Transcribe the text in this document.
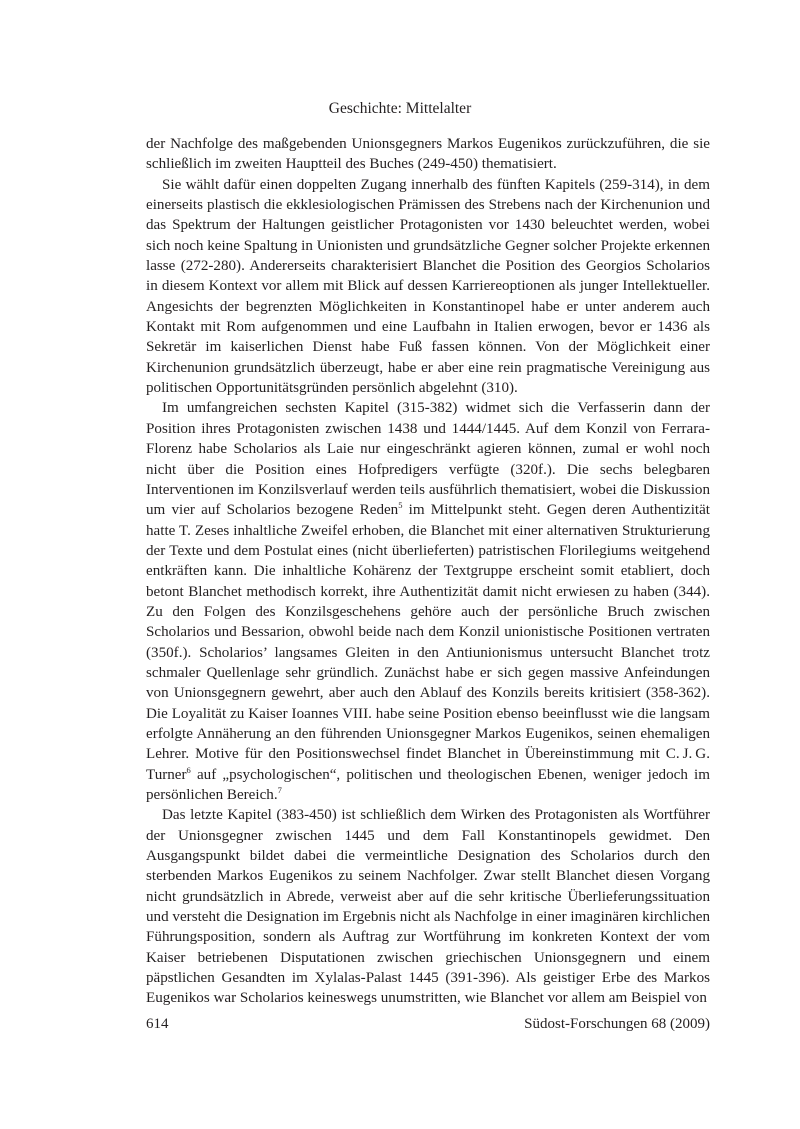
Geschichte: Mittelalter

der Nachfolge des maßgebenden Unionsgegners Markos Eugenikos zurückzuführen, die sie schließlich im zweiten Hauptteil des Buches (249-450) thematisiert.

Sie wählt dafür einen doppelten Zugang innerhalb des fünften Kapitels (259-314), in dem einerseits plastisch die ekklesiologischen Prämissen des Strebens nach der Kirchenunion und das Spektrum der Haltungen geistlicher Protagonisten vor 1430 beleuchtet werden, wobei sich noch keine Spaltung in Unionisten und grundsätzliche Gegner solcher Projekte erkennen lasse (272-280). Andererseits charakterisiert Blanchet die Position des Georgios Scholarios in diesem Kontext vor allem mit Blick auf dessen Karriereoptionen als junger Intellektueller. Angesichts der begrenzten Möglichkeiten in Konstantinopel habe er unter anderem auch Kontakt mit Rom aufgenommen und eine Laufbahn in Italien erwogen, bevor er 1436 als Sekretär im kaiserlichen Dienst habe Fuß fassen können. Von der Möglichkeit einer Kirchenunion grundsätzlich überzeugt, habe er aber eine rein pragmatische Vereinigung aus politischen Opportunitätsgründen persönlich abgelehnt (310).

Im umfangreichen sechsten Kapitel (315-382) widmet sich die Verfasserin dann der Position ihres Protagonisten zwischen 1438 und 1444/1445. Auf dem Konzil von Ferrara-Florenz habe Scholarios als Laie nur eingeschränkt agieren können, zumal er wohl noch nicht über die Position eines Hofpredigers verfügte (320f.). Die sechs belegbaren Interventionen im Konzilsverlauf werden teils ausführlich thematisiert, wobei die Diskussion um vier auf Scholarios bezogene Reden$^5$ im Mittelpunkt steht. Gegen deren Authentizität hatte T. Zeses inhaltliche Zweifel erhoben, die Blanchet mit einer alternativen Strukturierung der Texte und dem Postulat eines (nicht überlieferten) patristischen Florilegiums weitgehend entkräften kann. Die inhaltliche Kohärenz der Textgruppe erscheint somit etabliert, doch betont Blanchet methodisch korrekt, ihre Authentizität damit nicht erwiesen zu haben (344). Zu den Folgen des Konzilsgeschehens gehöre auch der persönliche Bruch zwischen Scholarios und Bessarion, obwohl beide nach dem Konzil unionistische Positionen vertraten (350f.). Scholarios’ langsames Gleiten in den Antiunionismus untersucht Blanchet trotz schmaler Quellenlage sehr gründlich. Zunächst habe er sich gegen massive Anfeindungen von Unionsgegnern gewehrt, aber auch den Ablauf des Konzils bereits kritisiert (358-362). Die Loyalität zu Kaiser Ioannes VIII. habe seine Position ebenso beeinflusst wie die langsam erfolgte Annäherung an den führenden Unionsgegner Markos Eugenikos, seinen ehemaligen Lehrer. Motive für den Positionswechsel findet Blanchet in Übereinstimmung mit C. J. G. Turner$^6$ auf „psychologischen“, politischen und theologischen Ebenen, weniger jedoch im persönlichen Bereich.$^7$

Das letzte Kapitel (383-450) ist schließlich dem Wirken des Protagonisten als Wortführer der Unionsgegner zwischen 1445 und dem Fall Konstantinopels gewidmet. Den Ausgangspunkt bildet dabei die vermeintliche Designation des Scholarios durch den sterbenden Markos Eugenikos zu seinem Nachfolger. Zwar stellt Blanchet diesen Vorgang nicht grundsätzlich in Abrede, verweist aber auf die sehr kritische Überlieferungssituation und versteht die Designation im Ergebnis nicht als Nachfolge in einer imaginären kirchlichen Führungsposition, sondern als Auftrag zur Wortführung im konkreten Kontext der vom Kaiser betriebenen Disputationen zwischen griechischen Unionsgegnern und einem päpstlichen Gesandten im Xylalas-Palast 1445 (391-396). Als geistiger Erbe des Markos Eugenikos war Scholarios keineswegs unumstritten, wie Blanchet vor allem am Beispiel von

614	Südost-Forschungen 68 (2009)
